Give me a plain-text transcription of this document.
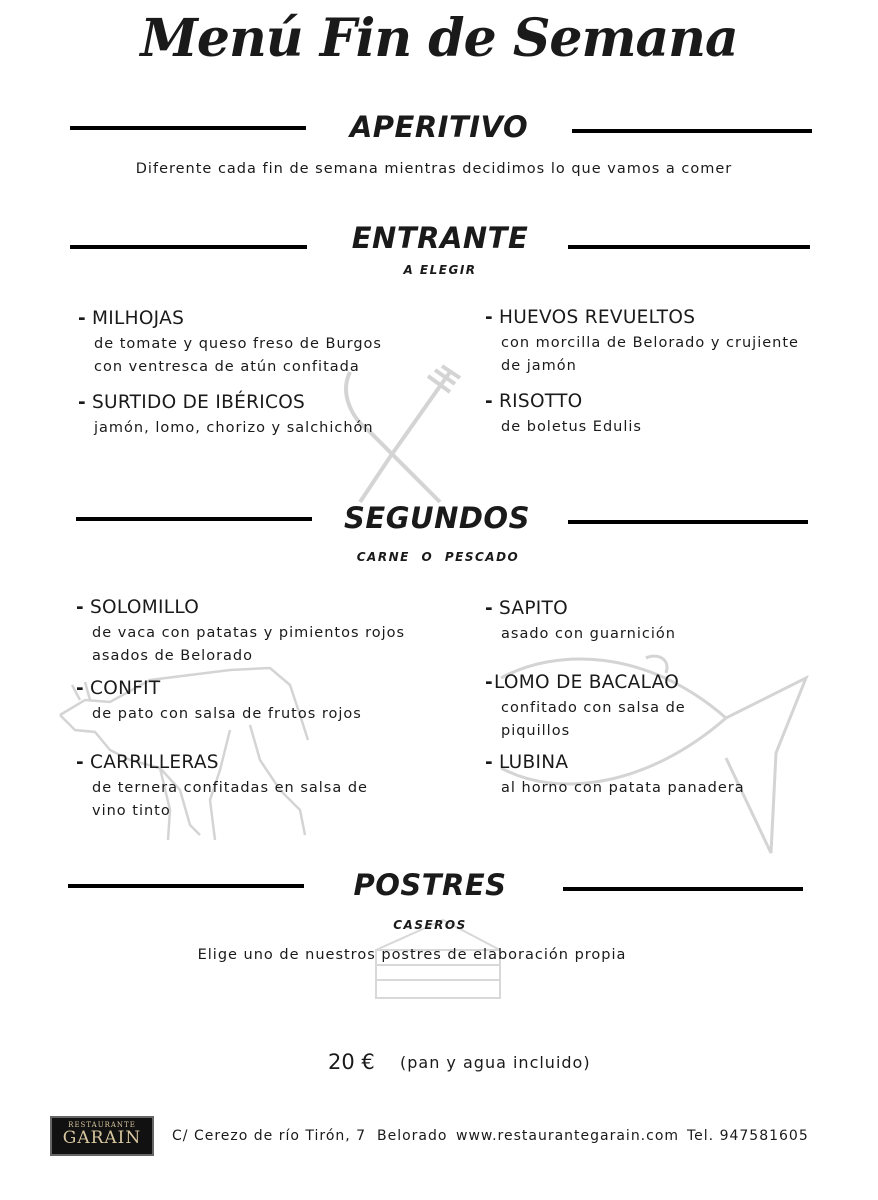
Menú Fin de Semana
APERITIVO
Diferente cada fin de semana mientras decidimos lo que vamos a comer
ENTRANTE
A ELEGIR
- MILHOJAS
de tomate y queso freso de Burgos
con ventresca de atún confitada
- SURTIDO DE IBÉRICOS
jamón, lomo, chorizo y salchichón
- HUEVOS REVUELTOS
con morcilla de Belorado y crujiente
de jamón
- RISOTTO
de boletus Edulis
SEGUNDOS
CARNE O PESCADO
- SOLOMILLO
de vaca con patatas y pimientos rojos
asados de Belorado
- CONFIT
de pato con salsa de frutos rojos
- CARRILLERAS
de ternera confitadas en salsa de
vino tinto
- SAPITO
asado con guarnición
-LOMO DE BACALAO
confitado con salsa de
piquillos
- LUBINA
al horno con patata panadera
POSTRES
CASEROS
Elige uno de nuestros postres de elaboración propia
20 € (pan y agua incluido)
RESTAURANTE
GARAIN	C/ Cerezo de río Tirón, 7  Belorado www.restaurantegarain.com Tel. 947581605
